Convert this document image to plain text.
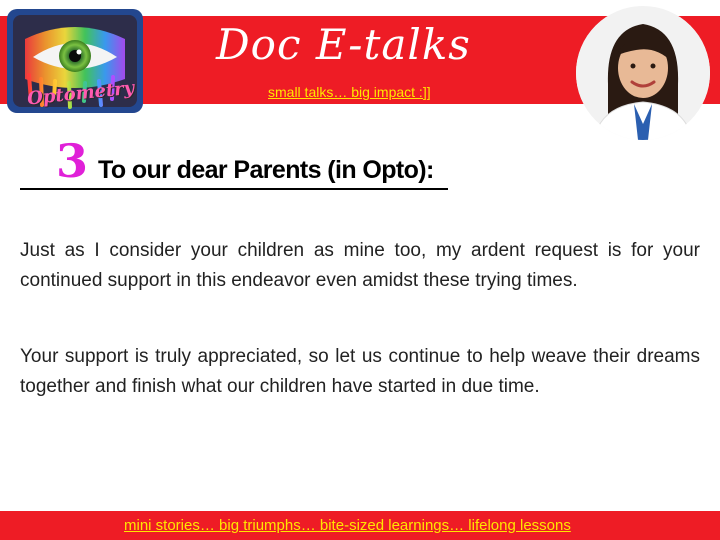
Optometry
Doc E-talks
small talks… big impact :]]
3 To our dear Parents (in Opto):
Just as I consider your children as mine too, my ardent request is for your continued support in this endeavor even amidst these trying times.
Your support is truly appreciated, so let us continue to help weave their dreams together and finish what our children have started in due time.
mini stories… big triumphs… bite-sized learnings… lifelong lessons
